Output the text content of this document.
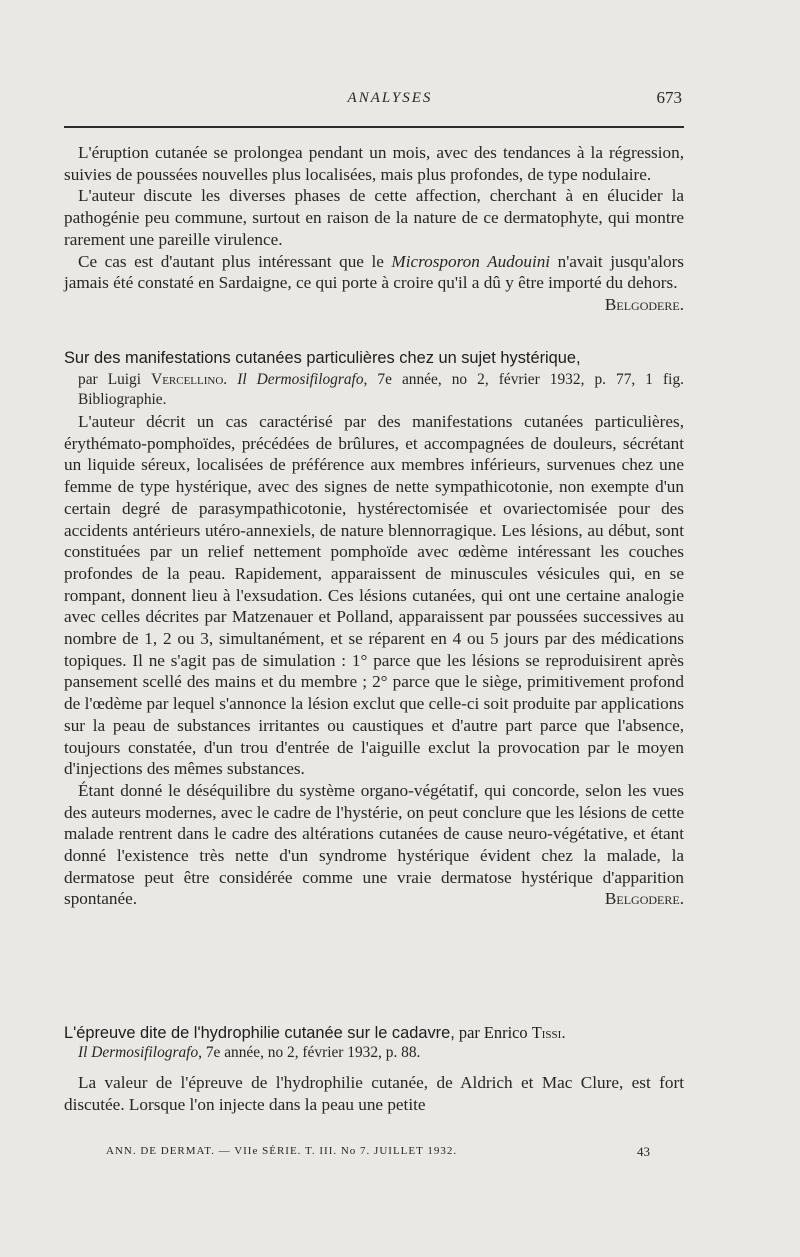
ANALYSES	673

L'éruption cutanée se prolongea pendant un mois, avec des tendances à la régression, suivies de poussées nouvelles plus localisées, mais plus profondes, de type nodulaire.

L'auteur discute les diverses phases de cette affection, cherchant à en élucider la pathogénie peu commune, surtout en raison de la nature de ce dermatophyte, qui montre rarement une pareille virulence.

Ce cas est d'autant plus intéressant que le Microsporon Audouini n'avait jusqu'alors jamais été constaté en Sardaigne, ce qui porte à croire qu'il a dû y être importé du dehors.
Belgodere.

Sur des manifestations cutanées particulières chez un sujet hystérique,

par Luigi Vercellino. Il Dermosifilografo, 7e année, no 2, février 1932, p. 77, 1 fig. Bibliographie.

L'auteur décrit un cas caractérisé par des manifestations cutanées particulières, érythémato-pomphoïdes, précédées de brûlures, et accompagnées de douleurs, sécrétant un liquide séreux, localisées de préférence aux membres inférieurs, survenues chez une femme de type hystérique, avec des signes de nette sympathicotonie, non exempte d'un certain degré de parasympathicotonie, hystérectomisée et ovariectomisée pour des accidents antérieurs utéro-annexiels, de nature blennorragique. Les lésions, au début, sont constituées par un relief nettement pomphoïde avec œdème intéressant les couches profondes de la peau. Rapidement, apparaissent de minuscules vésicules qui, en se rompant, donnent lieu à l'exsudation. Ces lésions cutanées, qui ont une certaine analogie avec celles décrites par Matzenauer et Polland, apparaissent par poussées successives au nombre de 1, 2 ou 3, simultanément, et se réparent en 4 ou 5 jours par des médications topiques. Il ne s'agit pas de simulation : 1° parce que les lésions se reproduisirent après pansement scellé des mains et du membre ; 2° parce que le siège, primitivement profond de l'œdème par lequel s'annonce la lésion exclut que celle-ci soit produite par applications sur la peau de substances irritantes ou caustiques et d'autre part parce que l'absence, toujours constatée, d'un trou d'entrée de l'aiguille exclut la provocation par le moyen d'injections des mêmes substances.

Étant donné le déséquilibre du système organo-végétatif, qui concorde, selon les vues des auteurs modernes, avec le cadre de l'hystérie, on peut conclure que les lésions de cette malade rentrent dans le cadre des altérations cutanées de cause neuro-végétative, et étant donné l'existence très nette d'un syndrome hystérique évident chez la malade, la dermatose peut être considérée comme une vraie dermatose hystérique d'apparition spontanée.	Belgodere.

L'épreuve dite de l'hydrophilie cutanée sur le cadavre, par Enrico Tissi.

Il Dermosifilografo, 7e année, no 2, février 1932, p. 88.

La valeur de l'épreuve de l'hydrophilie cutanée, de Aldrich et Mac Clure, est fort discutée. Lorsque l'on injecte dans la peau une petite

ANN. DE DERMAT. — VIIe SÉRIE. T. III. No 7. JUILLET 1932.	43
